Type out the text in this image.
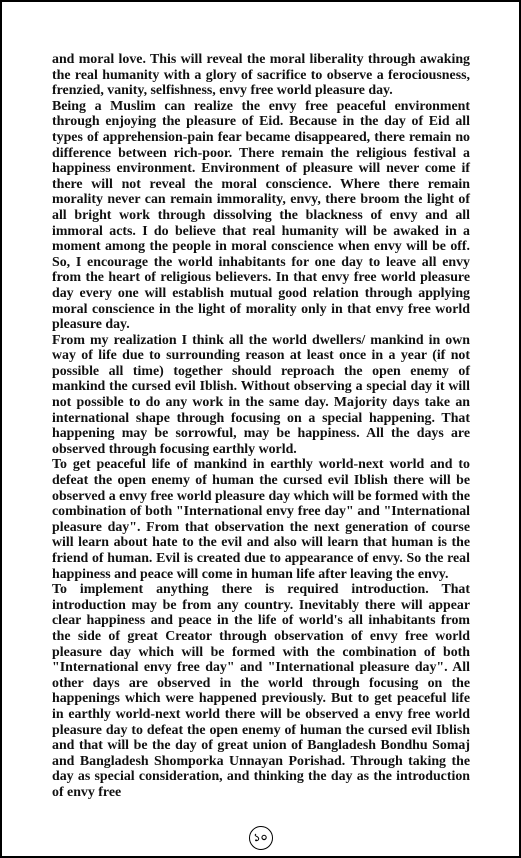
and moral love. This will reveal the moral liberality through awaking the real humanity with a glory of sacrifice to observe a ferociousness, frenzied, vanity, selfishness, envy free world pleasure day.

Being a Muslim can realize the envy free peaceful environment through enjoying the pleasure of Eid. Because in the day of Eid all types of apprehension-pain fear became disappeared, there remain no difference between rich-poor. There remain the religious festival a happiness environment. Environment of pleasure will never come if there will not reveal the moral conscience. Where there remain morality never can remain immorality, envy, there broom the light of all bright work through dissolving the blackness of envy and all immoral acts. I do believe that real humanity will be awaked in a moment among the people in moral conscience when envy will be off. So, I encourage the world inhabitants for one day to leave all envy from the heart of religious believers. In that envy free world pleasure day every one will establish mutual good relation through applying moral conscience in the light of morality only in that envy free world pleasure day.

From my realization I think all the world dwellers/ mankind in own way of life due to surrounding reason at least once in a year (if not possible all time) together should reproach the open enemy of mankind the cursed evil Iblish. Without observing a special day it will not possible to do any work in the same day. Majority days take an international shape through focusing on a special happening. That happening may be sorrowful, may be happiness. All the days are observed through focusing earthly world.

To get peaceful life of mankind in earthly world-next world and to defeat the open enemy of human the cursed evil Iblish there will be observed a envy free world pleasure day which will be formed with the combination of both "International envy free day" and "International pleasure day". From that observation the next generation of course will learn about hate to the evil and also will learn that human is the friend of human. Evil is created due to appearance of envy. So the real happiness and peace will come in human life after leaving the envy.

To implement anything there is required introduction. That introduction may be from any country. Inevitably there will appear clear happiness and peace in the life of world's all inhabitants from the side of great Creator through observation of envy free world pleasure day which will be formed with the combination of both "International envy free day" and "International pleasure day". All other days are observed in the world through focusing on the happenings which were happened previously. But to get peaceful life in earthly world-next world there will be observed a envy free world pleasure day to defeat the open enemy of human the cursed evil Iblish and that will be the day of great union of Bangladesh Bondhu Somaj and Bangladesh Shomporka Unnayan Porishad. Through taking the day as special consideration, and thinking the day as the introduction of envy free

১০
